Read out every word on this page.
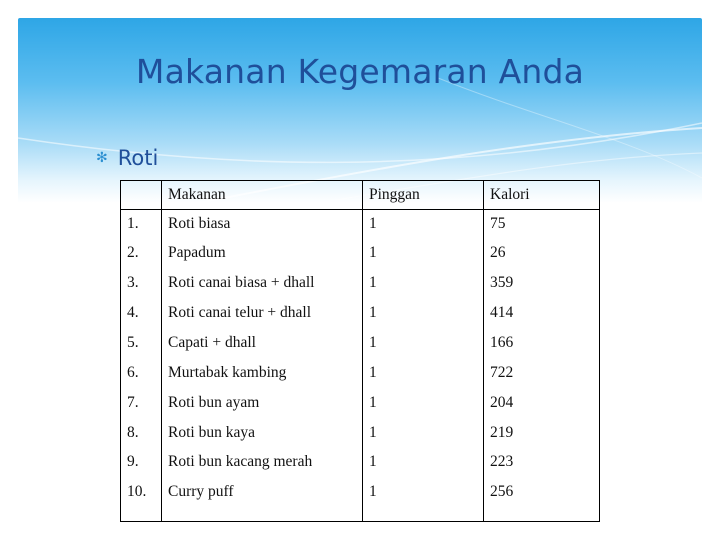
Makanan Kegemaran Anda
✻ Roti
	Makanan	Pinggan	Kalori
1.	Roti biasa	1	75
2.	Papadum	1	26
3.	Roti canai biasa + dhall	1	359
4.	Roti canai telur + dhall	1	414
5.	Capati + dhall	1	166
6.	Murtabak kambing	1	722
7.	Roti bun ayam	1	204
8.	Roti bun kaya	1	219
9.	Roti bun kacang merah	1	223
10.	Curry puff	1	256
